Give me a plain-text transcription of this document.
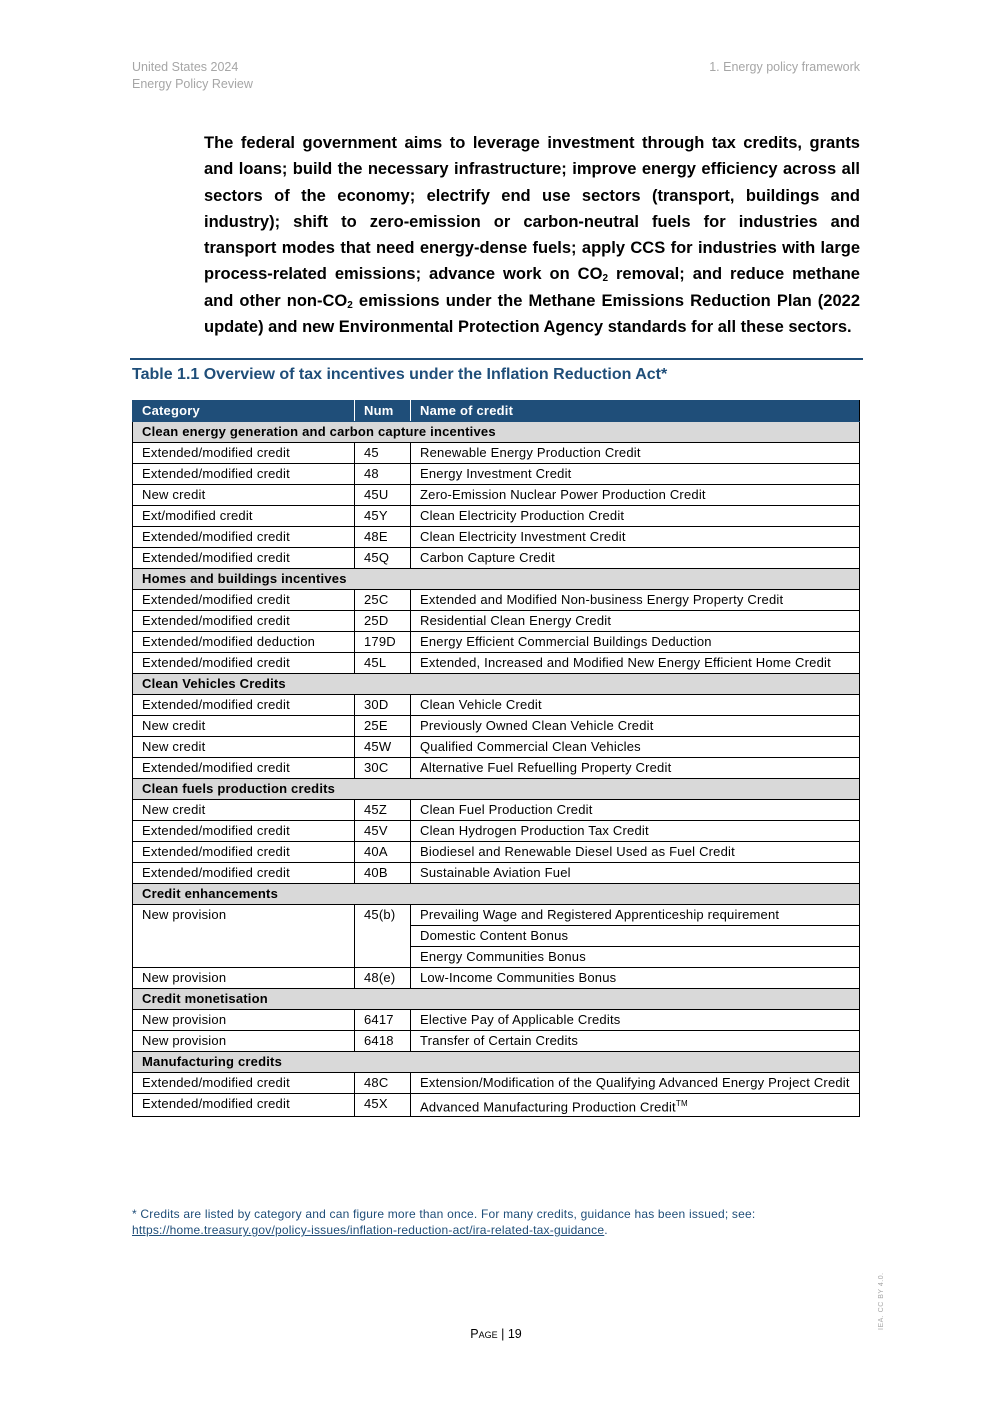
United States 2024
Energy Policy Review
1. Energy policy framework

The federal government aims to leverage investment through tax credits, grants and loans; build the necessary infrastructure; improve energy efficiency across all sectors of the economy; electrify end use sectors (transport, buildings and industry); shift to zero-emission or carbon-neutral fuels for industries and transport modes that need energy-dense fuels; apply CCS for industries with large process-related emissions; advance work on $CO_2$ removal; and reduce methane and other non-$CO_2$ emissions under the Methane Emissions Reduction Plan (2022 update) and new Environmental Protection Agency standards for all these sectors.

Table 1.1 Overview of tax incentives under the Inflation Reduction Act*
Category	Num	Name of credit
Clean energy generation and carbon capture incentives		
Extended/modified credit	45	Renewable Energy Production Credit
Extended/modified credit	48	Energy Investment Credit
New credit	45U	Zero-Emission Nuclear Power Production Credit
Ext/modified credit	45Y	Clean Electricity Production Credit
Extended/modified credit	48E	Clean Electricity Investment Credit
Extended/modified credit	45Q	Carbon Capture Credit
Homes and buildings incentives		
Extended/modified credit	25C	Extended and Modified Non-business Energy Property Credit
Extended/modified credit	25D	Residential Clean Energy Credit
Extended/modified deduction	179D	Energy Efficient Commercial Buildings Deduction
Extended/modified credit	45L	Extended, Increased and Modified New Energy Efficient Home Credit
Clean Vehicles Credits		
Extended/modified credit	30D	Clean Vehicle Credit
New credit	25E	Previously Owned Clean Vehicle Credit
New credit	45W	Qualified Commercial Clean Vehicles
Extended/modified credit	30C	Alternative Fuel Refuelling Property Credit
Clean fuels production credits		
New credit	45Z	Clean Fuel Production Credit
Extended/modified credit	45V	Clean Hydrogen Production Tax Credit
Extended/modified credit	40A	Biodiesel and Renewable Diesel Used as Fuel Credit
Extended/modified credit	40B	Sustainable Aviation Fuel
Credit enhancements		
New provision	45(b)	Prevailing Wage and Registered Apprenticeship requirement
		Domestic Content Bonus
		Energy Communities Bonus
New provision	48(e)	Low-Income Communities Bonus
Credit monetisation		
New provision	6417	Elective Pay of Applicable Credits
New provision	6418	Transfer of Certain Credits
Manufacturing credits		
Extended/modified credit	48C	Extension/Modification of the Qualifying Advanced Energy Project Credit
Extended/modified credit	45X	Advanced Manufacturing Production Credit™
* Credits are listed by category and can figure more than once. For many credits, guidance has been issued; see:
https://home.treasury.gov/policy-issues/inflation-reduction-act/ira-related-tax-guidance.
Page | 19
IEA. CC BY 4.0.
